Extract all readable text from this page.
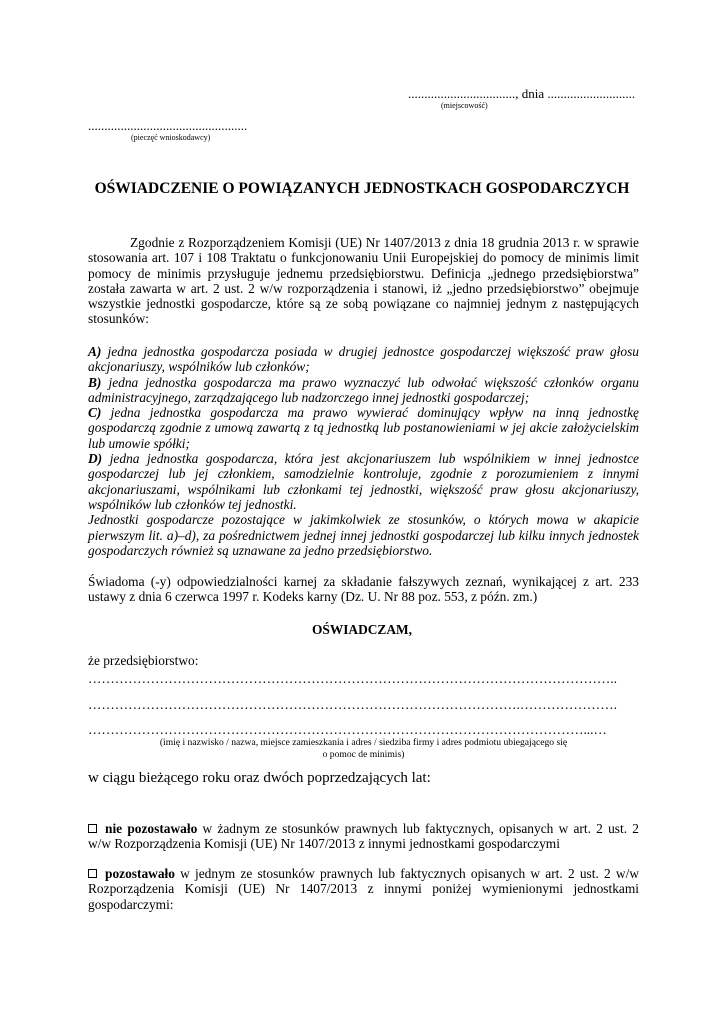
................................., dnia ...........................
(miejscowość)
.................................................
(pieczęć wnioskodawcy)
OŚWIADCZENIE O POWIĄZANYCH JEDNOSTKACH GOSPODARCZYCH

Zgodnie z Rozporządzeniem Komisji (UE) Nr 1407/2013 z dnia 18 grudnia 2013 r. w sprawie stosowania art. 107 i 108 Traktatu o funkcjonowaniu Unii Europejskiej do pomocy de minimis limit pomocy de minimis przysługuje jednemu przedsiębiorstwu. Definicja „jednego przedsiębiorstwa” została zawarta w art. 2 ust. 2 w/w rozporządzenia i stanowi, iż „jedno przedsiębiorstwo” obejmuje wszystkie jednostki gospodarcze, które są ze sobą powiązane co najmniej jednym z następujących stosunków:

A) jedna jednostka gospodarcza posiada w drugiej jednostce gospodarczej większość praw głosu akcjonariuszy, wspólników lub członków;

B) jedna jednostka gospodarcza ma prawo wyznaczyć lub odwołać większość członków organu administracyjnego, zarządzającego lub nadzorczego innej jednostki gospodarczej;

C) jedna jednostka gospodarcza ma prawo wywierać dominujący wpływ na inną jednostkę gospodarczą zgodnie z umową zawartą z tą jednostką lub postanowieniami w jej akcie założycielskim lub umowie spółki;

D) jedna jednostka gospodarcza, która jest akcjonariuszem lub wspólnikiem w innej jednostce gospodarczej lub jej członkiem, samodzielnie kontroluje, zgodnie z porozumieniem z innymi akcjonariuszami, wspólnikami lub członkami tej jednostki, większość praw głosu akcjonariuszy, wspólników lub członków tej jednostki.

Jednostki gospodarcze pozostające w jakimkolwiek ze stosunków, o których mowa w akapicie pierwszym lit. a)–d), za pośrednictwem jednej innej jednostki gospodarczej lub kilku innych jednostek gospodarczych również są uznawane za jedno przedsiębiorstwo.

Świadoma (-y) odpowiedzialności karnej za składanie fałszywych zeznań, wynikającej z art. 233 ustawy z dnia 6 czerwca 1997 r. Kodeks karny (Dz. U. Nr 88 poz. 553, z późn. zm.)

OŚWIADCZAM,
że przedsiębiorstwo:
………………………………………………………………………………………………………..
…………………………………………………………………………………….………………….
…………………………………………………………………………………………………...…
(imię i nazwisko / nazwa, miejsce zamieszkania i adres / siedziba firmy i adres podmiotu ubiegającego się
o pomoc de minimis)
w ciągu bieżącego roku oraz dwóch poprzedzających lat:

nie pozostawało w żadnym ze stosunków prawnych lub faktycznych, opisanych w art. 2 ust. 2 w/w Rozporządzenia Komisji (UE) Nr 1407/2013 z innymi jednostkami gospodarczymi

pozostawało w jednym ze stosunków prawnych lub faktycznych opisanych w art. 2 ust. 2 w/w Rozporządzenia Komisji (UE) Nr 1407/2013 z innymi poniżej wymienionymi jednostkami gospodarczymi:
